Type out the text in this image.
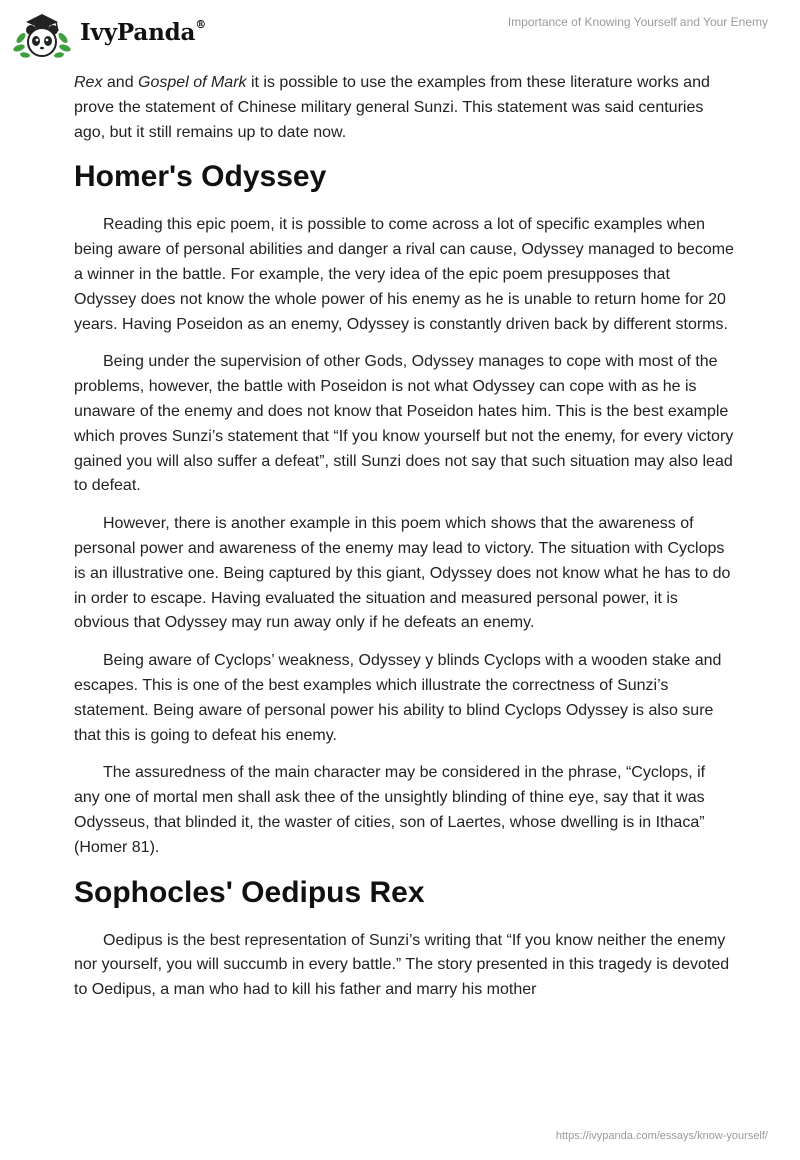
IvyPanda®	Importance of Knowing Yourself and Your Enemy

Rex and Gospel of Mark it is possible to use the examples from these literature works and prove the statement of Chinese military general Sunzi. This statement was said centuries ago, but it still remains up to date now.

Homer's Odyssey

Reading this epic poem, it is possible to come across a lot of specific examples when being aware of personal abilities and danger a rival can cause, Odyssey managed to become a winner in the battle. For example, the very idea of the epic poem presupposes that Odyssey does not know the whole power of his enemy as he is unable to return home for 20 years. Having Poseidon as an enemy, Odyssey is constantly driven back by different storms.

Being under the supervision of other Gods, Odyssey manages to cope with most of the problems, however, the battle with Poseidon is not what Odyssey can cope with as he is unaware of the enemy and does not know that Poseidon hates him. This is the best example which proves Sunzi’s statement that “If you know yourself but not the enemy, for every victory gained you will also suffer a defeat”, still Sunzi does not say that such situation may also lead to defeat.

However, there is another example in this poem which shows that the awareness of personal power and awareness of the enemy may lead to victory. The situation with Cyclops is an illustrative one. Being captured by this giant, Odyssey does not know what he has to do in order to escape. Having evaluated the situation and measured personal power, it is obvious that Odyssey may run away only if he defeats an enemy.

Being aware of Cyclops’ weakness, Odyssey y blinds Cyclops with a wooden stake and escapes. This is one of the best examples which illustrate the correctness of Sunzi’s statement. Being aware of personal power his ability to blind Cyclops Odyssey is also sure that this is going to defeat his enemy.

The assuredness of the main character may be considered in the phrase, “Cyclops, if any one of mortal men shall ask thee of the unsightly blinding of thine eye, say that it was Odysseus, that blinded it, the waster of cities, son of Laertes, whose dwelling is in Ithaca” (Homer 81).

Sophocles' Oedipus Rex

Oedipus is the best representation of Sunzi’s writing that “If you know neither the enemy nor yourself, you will succumb in every battle.” The story presented in this tragedy is devoted to Oedipus, a man who had to kill his father and marry his mother

https://ivypanda.com/essays/know-yourself/
